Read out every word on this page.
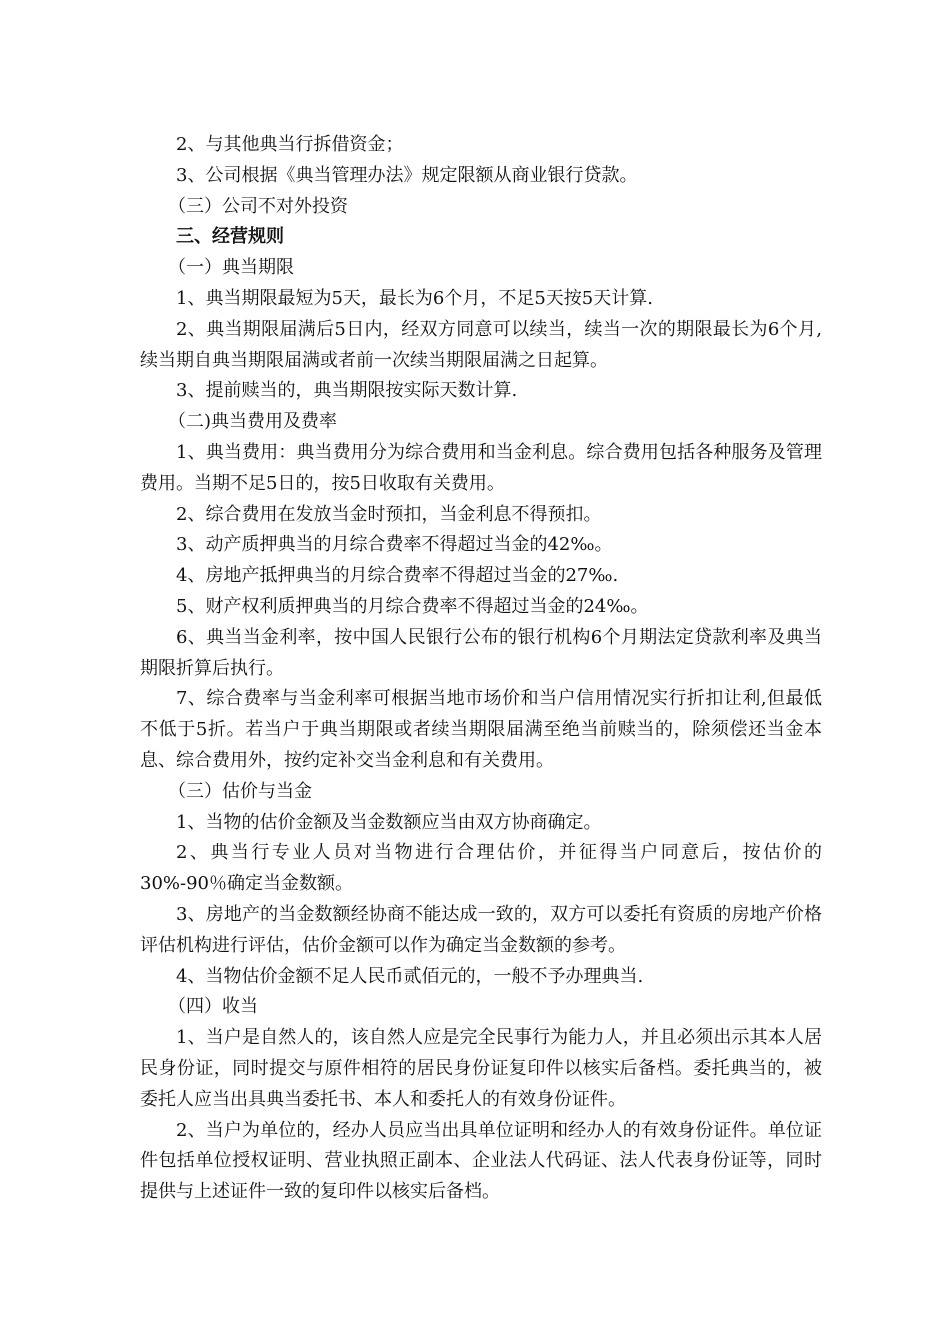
2、与其他典当行拆借资金；

3、公司根据《典当管理办法》规定限额从商业银行贷款。

（三）公司不对外投资

三、经营规则

（一）典当期限

1、典当期限最短为5天，最长为6个月，不足5天按5天计算.

2、典当期限届满后5日内，经双方同意可以续当，续当一次的期限最长为6个月,续当期自典当期限届满或者前一次续当期限届满之日起算。

3、提前赎当的，典当期限按实际天数计算.

（二)典当费用及费率

1、典当费用：典当费用分为综合费用和当金利息。综合费用包括各种服务及管理费用。当期不足5日的，按5日收取有关费用。

2、综合费用在发放当金时预扣，当金利息不得预扣。

3、动产质押典当的月综合费率不得超过当金的42‰。

4、房地产抵押典当的月综合费率不得超过当金的27‰.

5、财产权利质押典当的月综合费率不得超过当金的24‰。

6、典当当金利率，按中国人民银行公布的银行机构6个月期法定贷款利率及典当期限折算后执行。

7、综合费率与当金利率可根据当地市场价和当户信用情况实行折扣让利,但最低不低于5折。若当户于典当期限或者续当期限届满至绝当前赎当的，除须偿还当金本息、综合费用外，按约定补交当金利息和有关费用。

（三）估价与当金

1、当物的估价金额及当金数额应当由双方协商确定。

2、典当行专业人员对当物进行合理估价，并征得当户同意后，按估价的30%-90％确定当金数额。

3、房地产的当金数额经协商不能达成一致的，双方可以委托有资质的房地产价格评估机构进行评估，估价金额可以作为确定当金数额的参考。

4、当物估价金额不足人民币贰佰元的，一般不予办理典当.

（四）收当

1、当户是自然人的，该自然人应是完全民事行为能力人，并且必须出示其本人居民身份证，同时提交与原件相符的居民身份证复印件以核实后备档。委托典当的，被委托人应当出具典当委托书、本人和委托人的有效身份证件。

2、当户为单位的，经办人员应当出具单位证明和经办人的有效身份证件。单位证件包括单位授权证明、营业执照正副本、企业法人代码证、法人代表身份证等，同时提供与上述证件一致的复印件以核实后备档。
